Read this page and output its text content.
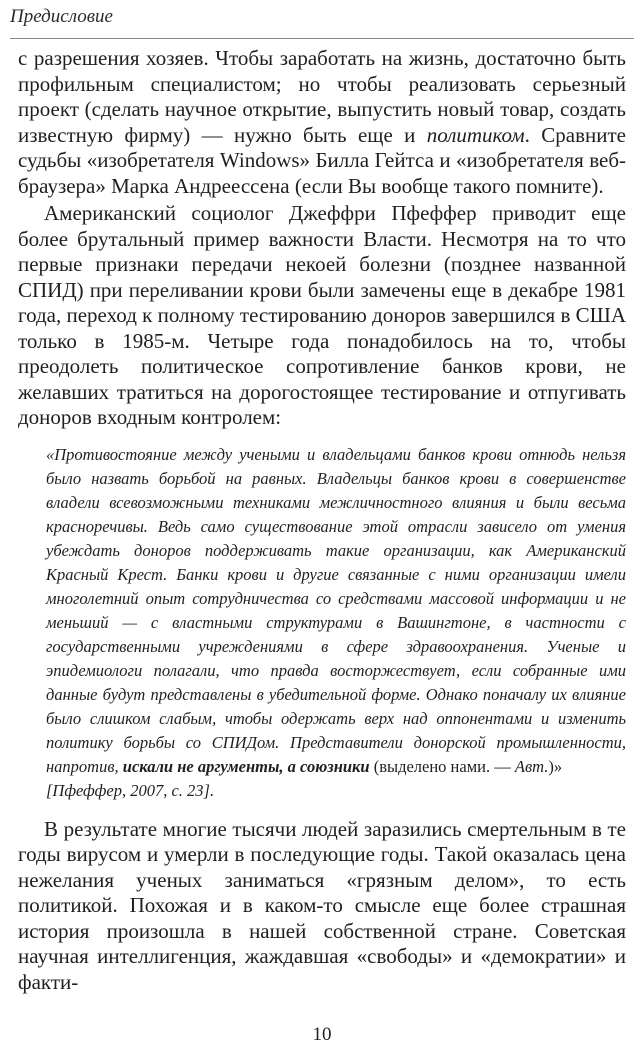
Предисловие

с разрешения хозяев. Чтобы заработать на жизнь, достаточно быть профильным специалистом; но чтобы реализовать серьезный проект (сделать научное открытие, выпустить новый товар, создать известную фирму) — нужно быть еще и политиком. Сравните судьбы «изобретателя Windows» Билла Гейтса и «изобретателя веб-браузера» Марка Андреессена (если Вы вообще такого помните).

Американский социолог Джеффри Пфеффер приводит еще более брутальный пример важности Власти. Несмотря на то что первые признаки передачи некоей болезни (позднее названной СПИД) при переливании крови были замечены еще в декабре 1981 года, переход к полному тестированию доноров завершился в США только в 1985-м. Четыре года понадобилось на то, чтобы преодолеть политическое сопротивление банков крови, не желавших тратиться на дорогостоящее тестирование и отпугивать доноров входным контролем:

«Противостояние между учеными и владельцами банков крови отнюдь нельзя было назвать борьбой на равных. Владельцы банков крови в совершенстве владели всевозможными техниками межличностного влияния и были весьма красноречивы. Ведь само существование этой отрасли зависело от умения убеждать доноров поддерживать такие организации, как Американский Красный Крест. Банки крови и другие связанные с ними организации имели многолетний опыт сотрудничества со средствами массовой информации и не меньший — с властными структурами в Вашингтоне, в частности с государственными учреждениями в сфере здравоохранения. Ученые и эпидемиологи полагали, что правда восторжествует, если собранные ими данные будут представлены в убедительной форме. Однако поначалу их влияние было слишком слабым, чтобы одержать верх над оппонентами и изменить политику борьбы со СПИДом. Представители донорской промышленности, напротив, искали не аргументы, а союзники (выделено нами. — Авт.)»
[Пфеффер, 2007, с. 23].

В результате многие тысячи людей заразились смертельным в те годы вирусом и умерли в последующие годы. Такой оказалась цена нежелания ученых заниматься «грязным делом», то есть политикой. Похожая и в каком-то смысле еще более страшная история произошла в нашей собственной стране. Советская научная интеллигенция, жаждавшая «свободы» и «демократии» и факти-

10
